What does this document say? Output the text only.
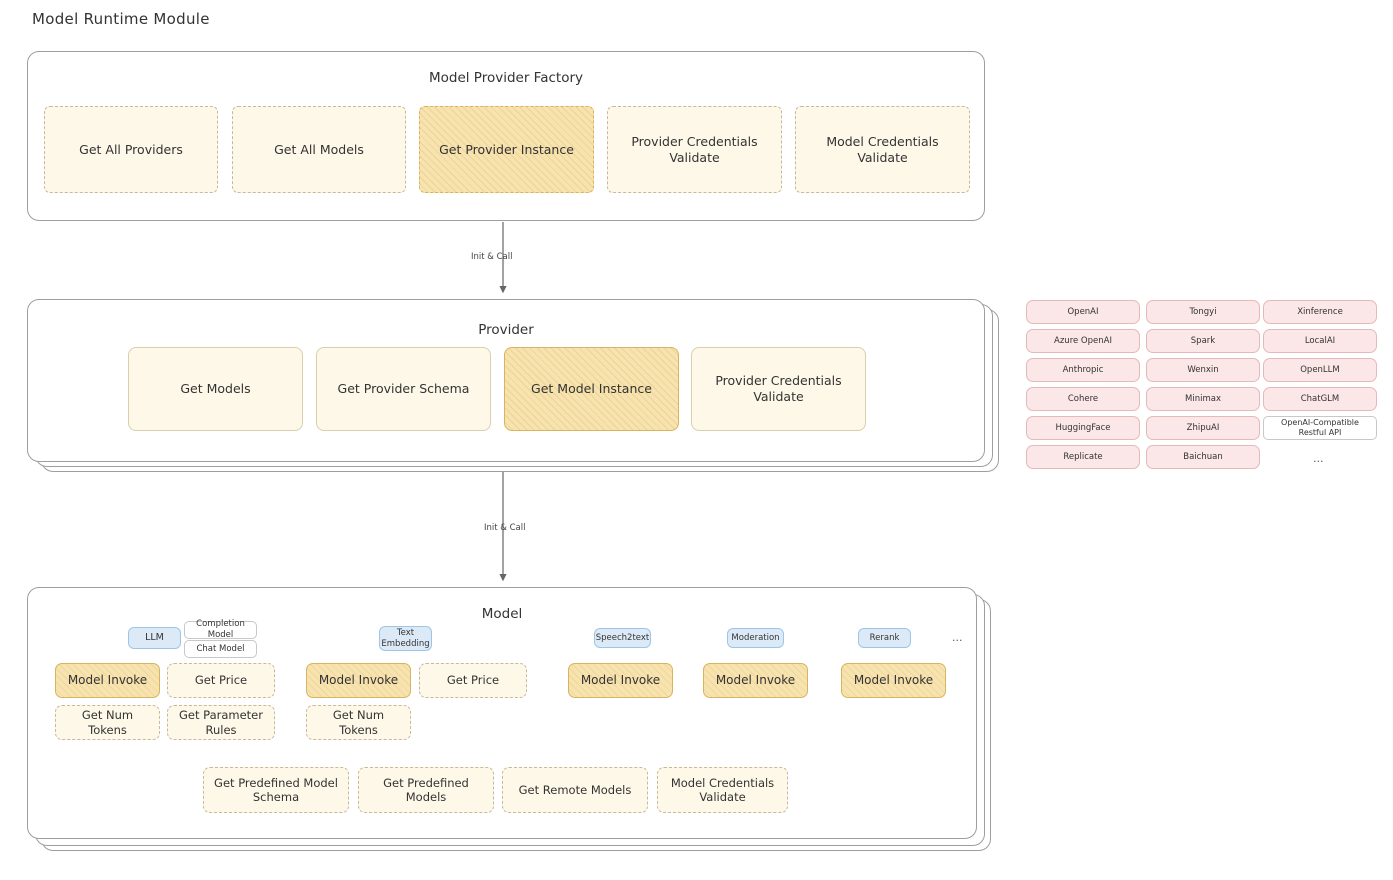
Model Runtime Module
Model Provider Factory
Get All Providers	Get All Models	Get Provider Instance
Provider Credentials Validate
Model Credentials Validate
Provider
Get Models	Get Provider Schema	Get Model Instance
Provider Credentials Validate
OpenAI
Azure OpenAI
Anthropic
Cohere
HuggingFace
Replicate
Tongyi
Spark
Wenxin
Minimax
ZhipuAI
Baichuan
Xinference
LocalAI
OpenLLM
ChatGLM
OpenAI-Compatible Restful API
...
Model
LLM
Completion Model
Chat Model
Text Embedding
Speech2text	Moderation	Rerank	...
Model Invoke	Get Price
Get Num Tokens
Get Parameter Rules
Model Invoke	Get Price
Get Num Tokens
Model Invoke	Model Invoke	Model Invoke
Get Predefined Model Schema
Get Predefined Models
Get Remote Models
Model Credentials Validate
Init & Call
Init & Call
